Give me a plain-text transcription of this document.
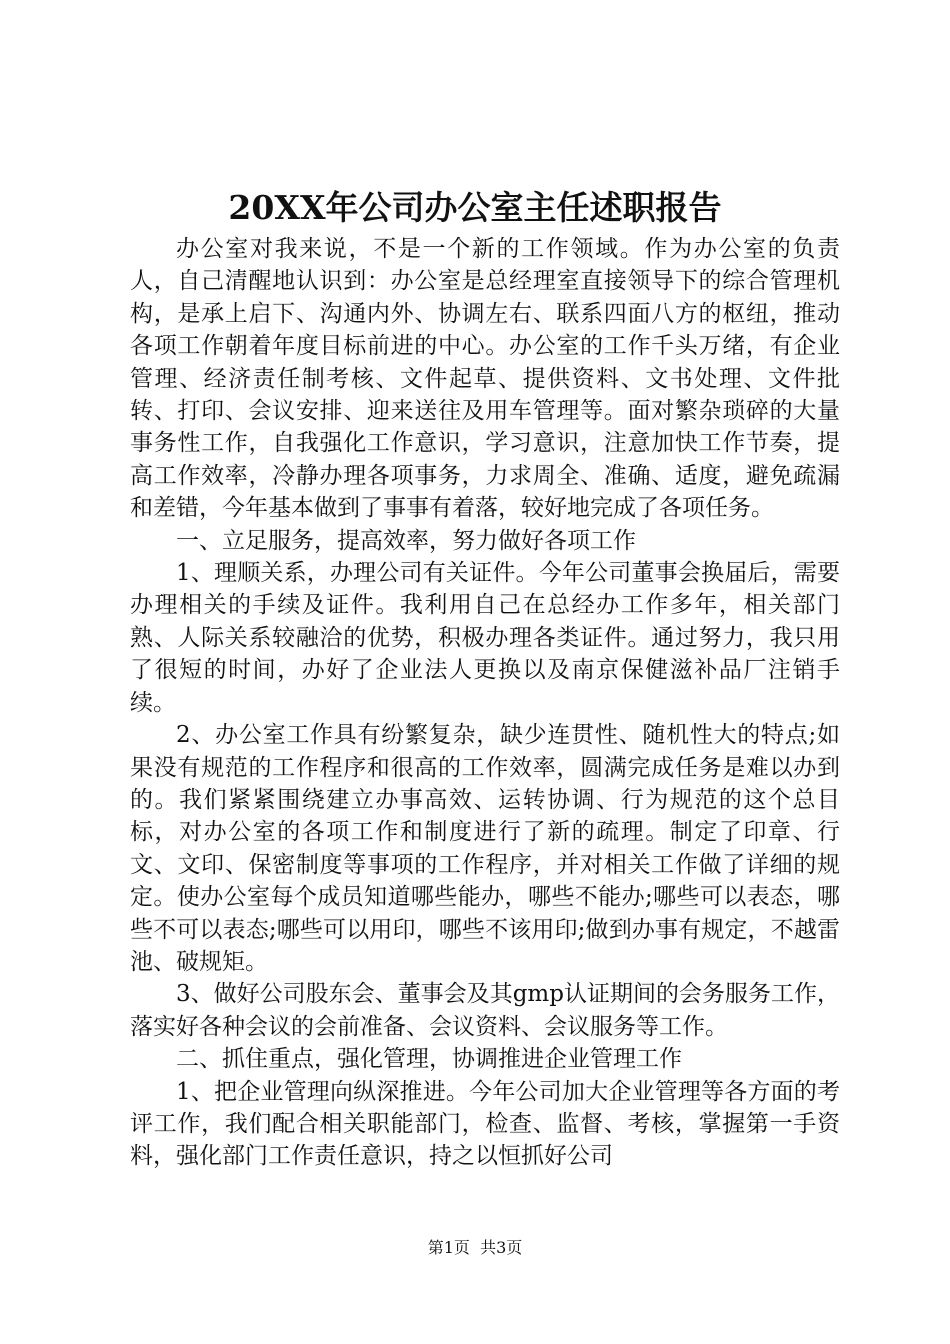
20XX年公司办公室主任述职报告

办公室对我来说，不是一个新的工作领域。作为办公室的负责人，自己清醒地认识到：办公室是总经理室直接领导下的综合管理机构，是承上启下、沟通内外、协调左右、联系四面八方的枢纽，推动各项工作朝着年度目标前进的中心。办公室的工作千头万绪，有企业管理、经济责任制考核、文件起草、提供资料、文书处理、文件批转、打印、会议安排、迎来送往及用车管理等。面对繁杂琐碎的大量事务性工作，自我强化工作意识，学习意识，注意加快工作节奏，提高工作效率，冷静办理各项事务，力求周全、准确、适度，避免疏漏和差错，今年基本做到了事事有着落，较好地完成了各项任务。

一、立足服务，提高效率，努力做好各项工作

1、理顺关系，办理公司有关证件。今年公司董事会换届后，需要办理相关的手续及证件。我利用自己在总经办工作多年，相关部门熟、人际关系较融洽的优势，积极办理各类证件。通过努力，我只用了很短的时间，办好了企业法人更换以及南京保健滋补品厂注销手续。

2、办公室工作具有纷繁复杂，缺少连贯性、随机性大的特点;如果没有规范的工作程序和很高的工作效率，圆满完成任务是难以办到的。我们紧紧围绕建立办事高效、运转协调、行为规范的这个总目标，对办公室的各项工作和制度进行了新的疏理。制定了印章、行文、文印、保密制度等事项的工作程序，并对相关工作做了详细的规定。使办公室每个成员知道哪些能办，哪些不能办;哪些可以表态，哪些不可以表态;哪些可以用印，哪些不该用印;做到办事有规定，不越雷池、破规矩。

3、做好公司股东会、董事会及其gmp认证期间的会务服务工作，落实好各种会议的会前准备、会议资料、会议服务等工作。

二、抓住重点，强化管理，协调推进企业管理工作

1、把企业管理向纵深推进。今年公司加大企业管理等各方面的考评工作，我们配合相关职能部门，检查、监督、考核，掌握第一手资料，强化部门工作责任意识，持之以恒抓好公司

第1页  共3页
